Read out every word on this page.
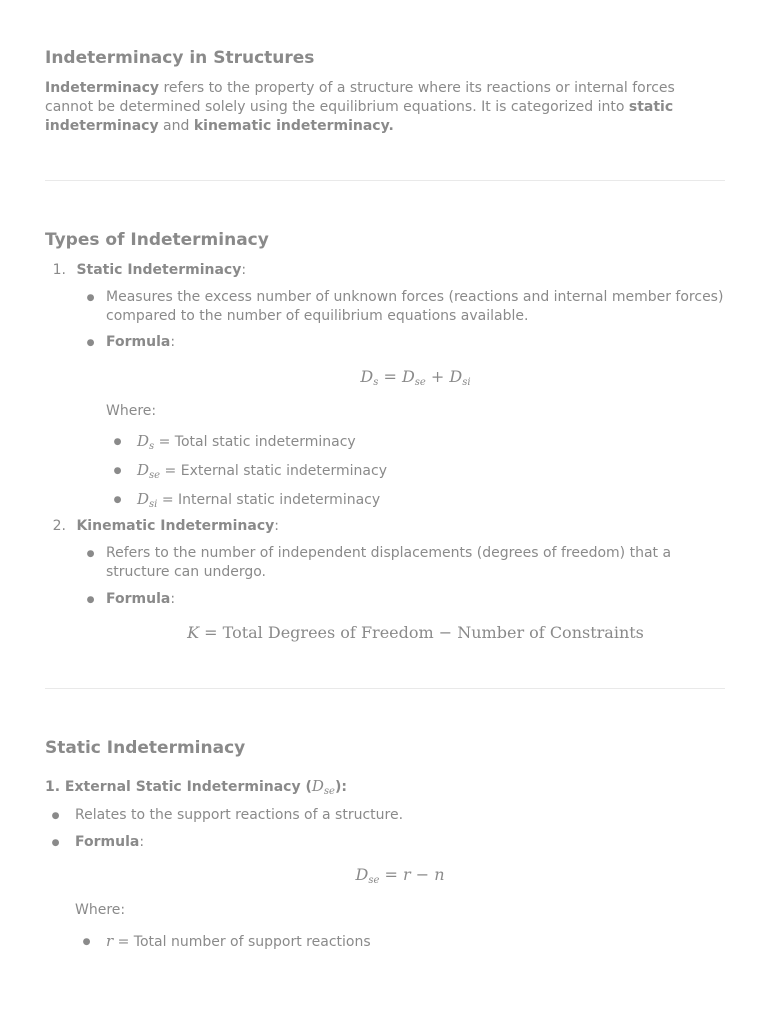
Indeterminacy in Structures

Indeterminacy refers to the property of a structure where its reactions or internal forces cannot be determined solely using the equilibrium equations. It is categorized into static indeterminacy and kinematic indeterminacy.

Types of Indeterminacy
1. Static Indeterminacy:
● Measures the excess number of unknown forces (reactions and internal member forces) compared to the number of equilibrium equations available.

● Formula:
$D_s = D_{se} + D_{si}$

Where:

●	$D_s$ = Total static indeterminacy
●	$D_{se}$ = External static indeterminacy
●	$D_{si}$ = Internal static indeterminacy
2. Kinematic Indeterminacy:
● Refers to the number of independent displacements (degrees of freedom) that a structure can undergo.

● Formula:
K = Total Degrees of Freedom − Number of Constraints
Static Indeterminacy
1. External Static Indeterminacy $(D_{se})$:
●	Relates to the support reactions of a structure.

●	Formula:
$D_{se} = r - n$

Where:

●	r = Total number of support reactions
